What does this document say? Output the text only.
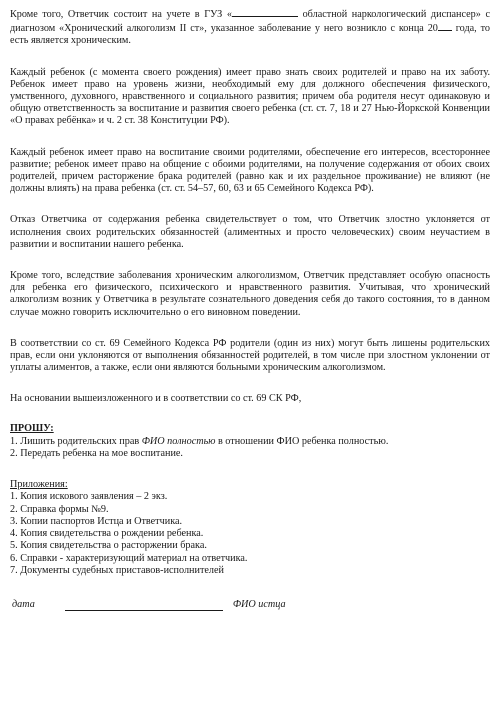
Кроме того, Ответчик состоит на учете в ГУЗ «	областной наркологический диспансер» с диагнозом «Хронический алкоголизм II ст», указанное заболевание у него возникло с конца 20 года, то есть является хроническим.

Каждый ребенок (с момента своего рождения) имеет право знать своих родителей и право на их заботу. Ребенок имеет право на уровень жизни, необходимый ему для должного обеспечения физического, умственного, духовного, нравственного и социального развития; причем оба родителя несут одинаковую и общую ответственность за воспитание и развития своего ребенка (ст. ст. 7, 18 и 27 Нью-Йоркской Конвенции «О правах ребёнка» и ч. 2 ст. 38 Конституции РФ).

Каждый ребенок имеет право на воспитание своими родителями, обеспечение его интересов, всестороннее развитие; ребенок имеет право на общение с обоими родителями, на получение содержания от обоих своих родителей, причем расторжение брака родителей (равно как и их раздельное проживание) не влияют (не должны влиять) на права ребенка (ст. ст. 54–57, 60, 63 и 65 Семейного Кодекса РФ).

Отказ Ответчика от содержания ребенка свидетельствует о том, что Ответчик злостно уклоняется от исполнения своих родительских обязанностей (алиментных и просто человеческих) своим неучастием в развитии и воспитании нашего ребенка.

Кроме того, вследствие заболевания хроническим алкоголизмом, Ответчик представляет особую опасность для ребенка его физического, психического и нравственного развития. Учитывая, что хронический алкоголизм возник у Ответчика в результате сознательного доведения себя до такого состояния, то в данном случае можно говорить исключительно о его виновном поведении.

В соответствии со ст. 69 Семейного Кодекса РФ родители (один из них) могут быть лишены родительских прав, если они уклоняются от выполнения обязанностей родителей, в том числе при злостном уклонении от уплаты алиментов, а также, если они являются больными хроническим алкоголизмом.

На основании вышеизложенного и в соответствии со ст. 69 СК РФ,

ПРОШУ:

1. Лишить родительских прав ФИО полностью в отношении ФИО ребенка полностью.

2. Передать ребенка на мое воспитание.

Приложения:

1. Копия искового заявления – 2 экз.

2. Справка формы №9.

3. Копии паспортов Истца и Ответчика.

4. Копия свидетельства о рождении ребенка.

5. Копия свидетельства о расторжении брака.

6. Справки - характеризующий материал на ответчика.

7. Документы судебных приставов-исполнителей

дата	ФИО истца
